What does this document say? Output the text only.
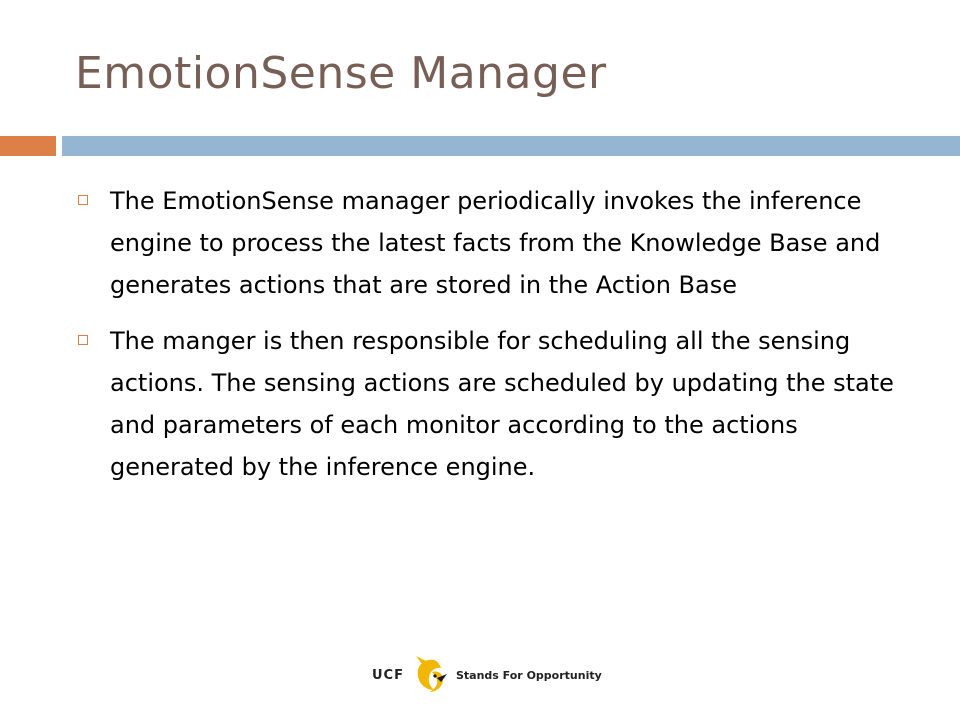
EmotionSense Manager
The EmotionSense manager periodically invokes the inference engine to process the latest facts from the Knowledge Base and generates actions that are stored in the Action Base
The manger is then responsible for scheduling all the sensing actions. The sensing actions are scheduled by updating the state and parameters of each monitor according to the actions generated by the inference engine.
UCF	Stands For Opportunity
